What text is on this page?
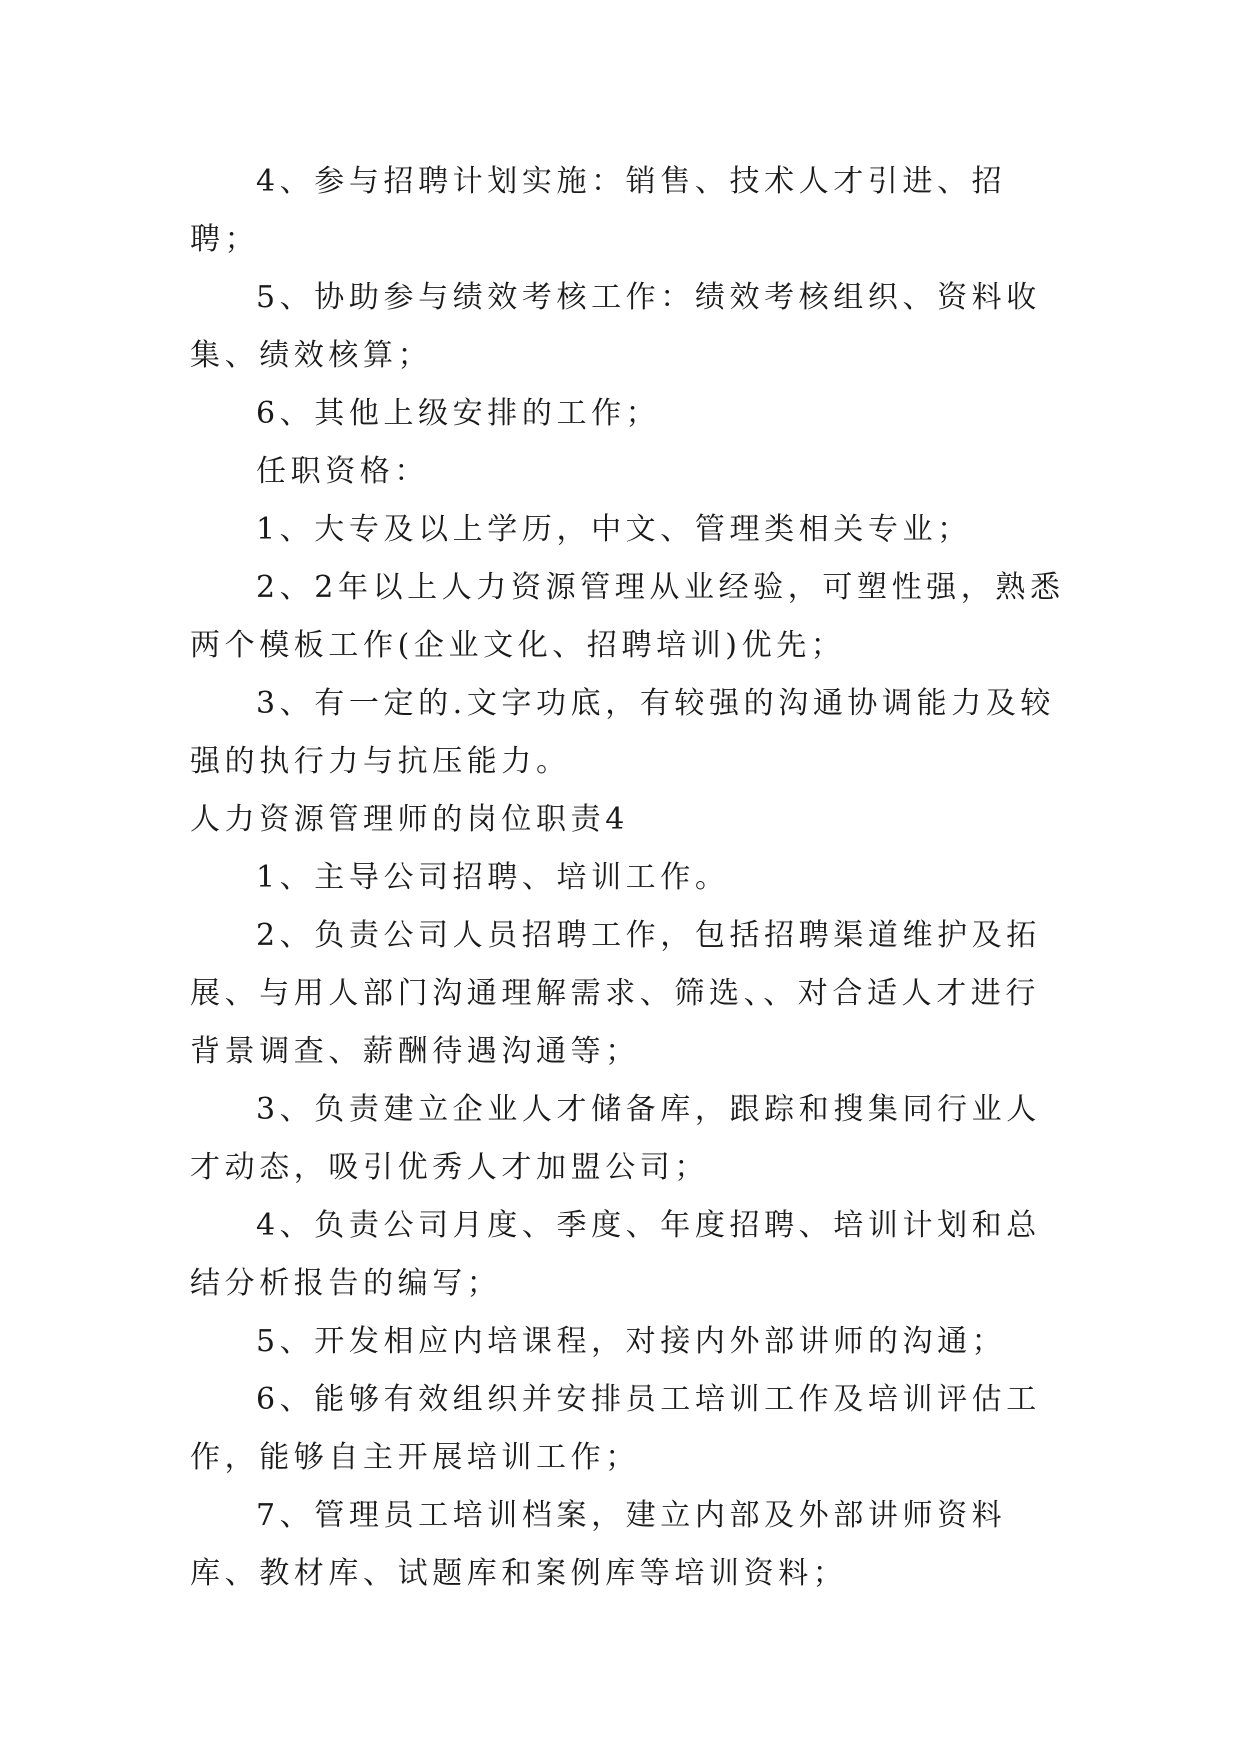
4、参与招聘计划实施：销售、技术人才引进、招聘；

5、协助参与绩效考核工作：绩效考核组织、资料收集、绩效核算；

6、其他上级安排的工作；

任职资格：

1、大专及以上学历，中文、管理类相关专业；

2、2年以上人力资源管理从业经验，可塑性强，熟悉两个模板工作(企业文化、招聘培训)优先；

3、有一定的.文字功底，有较强的沟通协调能力及较强的执行力与抗压能力。

人力资源管理师的岗位职责4

1、主导公司招聘、培训工作。

2、负责公司人员招聘工作，包括招聘渠道维护及拓展、与用人部门沟通理解需求、筛选、、对合适人才进行背景调查、薪酬待遇沟通等；

3、负责建立企业人才储备库，跟踪和搜集同行业人才动态，吸引优秀人才加盟公司；

4、负责公司月度、季度、年度招聘、培训计划和总结分析报告的编写；

5、开发相应内培课程，对接内外部讲师的沟通；

6、能够有效组织并安排员工培训工作及培训评估工作，能够自主开展培训工作；

7、管理员工培训档案，建立内部及外部讲师资料库、教材库、试题库和案例库等培训资料；
